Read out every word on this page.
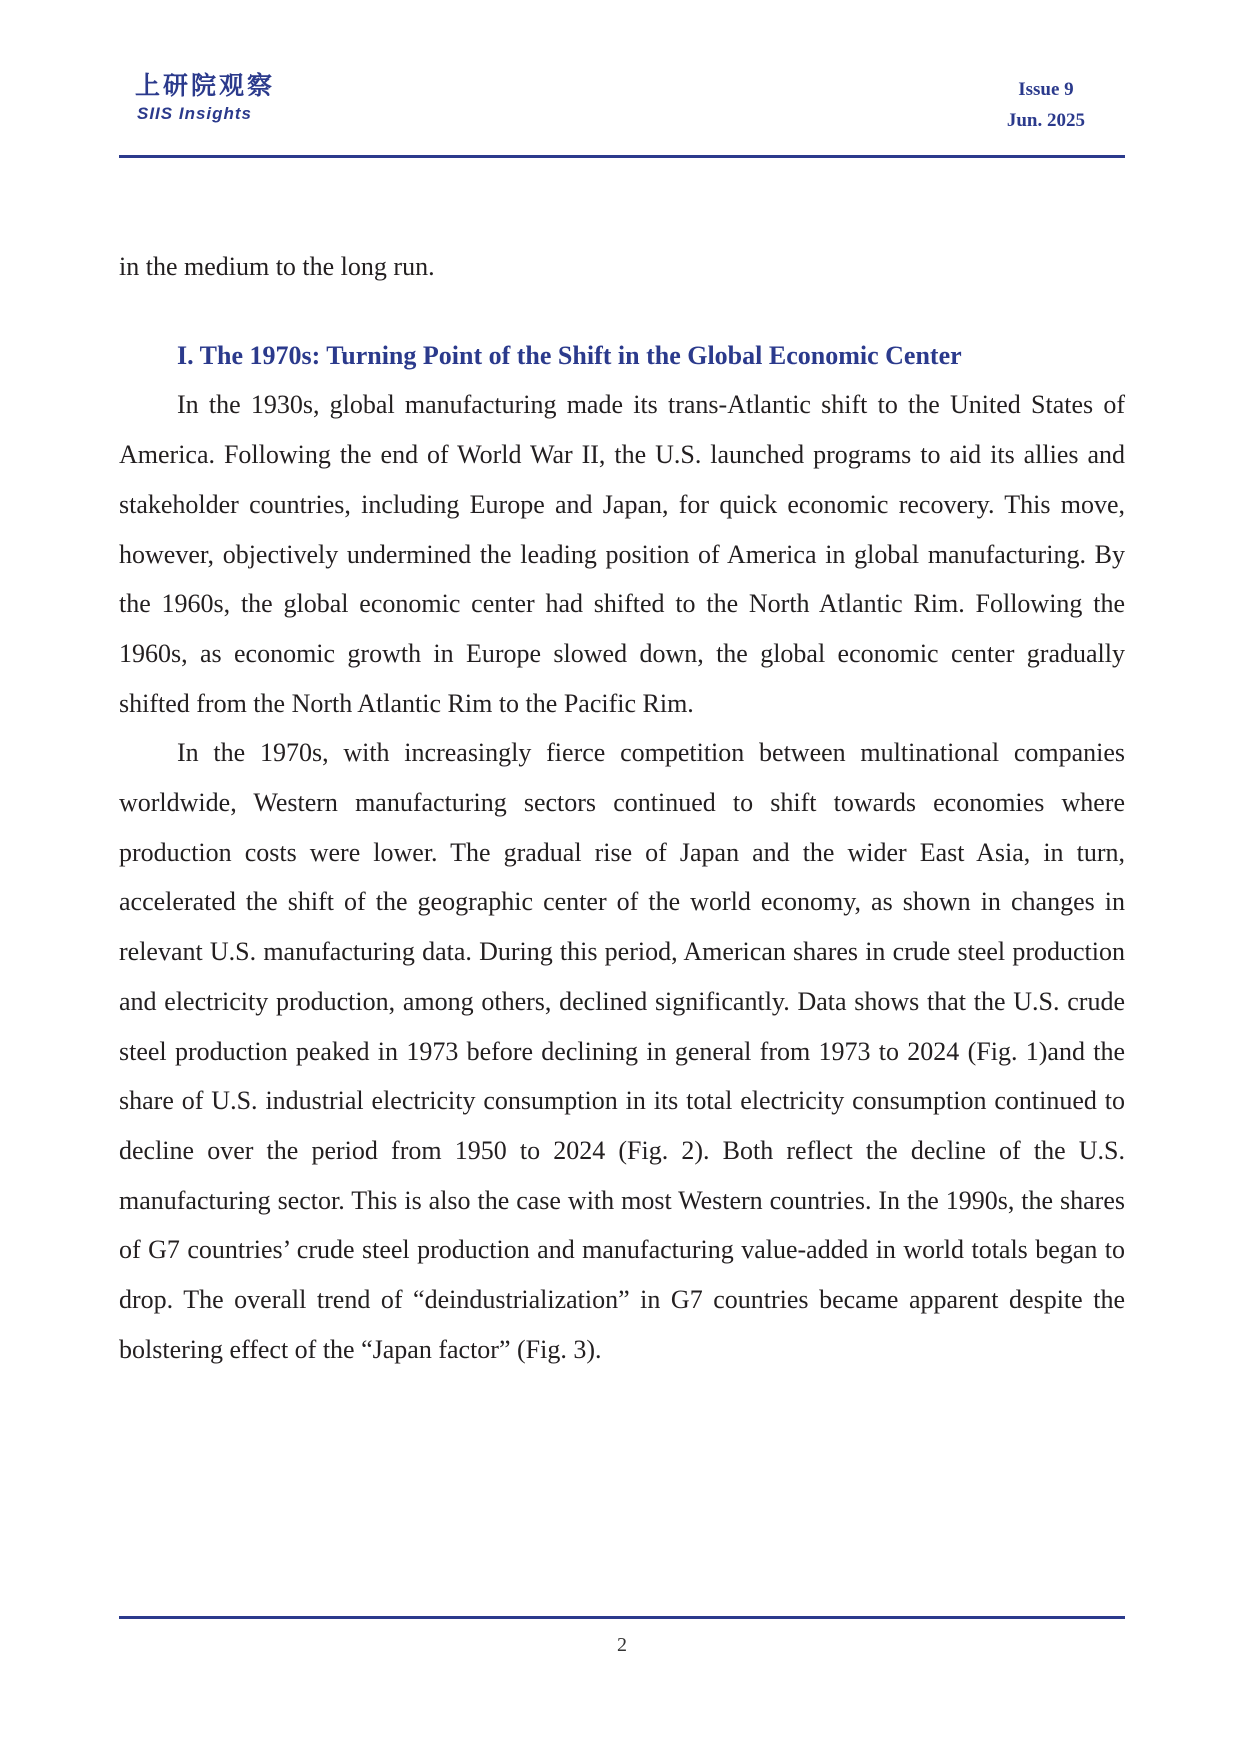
上研院观察
SIIS Insights
Issue 9
Jun. 2025

in the medium to the long run.

I. The 1970s: Turning Point of the Shift in the Global Economic Center

In the 1930s, global manufacturing made its trans-Atlantic shift to the United States of America. Following the end of World War II, the U.S. launched programs to aid its allies and stakeholder countries, including Europe and Japan, for quick economic recovery. This move, however, objectively undermined the leading position of America in global manufacturing. By the 1960s, the global economic center had shifted to the North Atlantic Rim. Following the 1960s, as economic growth in Europe slowed down, the global economic center gradually shifted from the North Atlantic Rim to the Pacific Rim.

In the 1970s, with increasingly fierce competition between multinational companies worldwide, Western manufacturing sectors continued to shift towards economies where production costs were lower. The gradual rise of Japan and the wider East Asia, in turn, accelerated the shift of the geographic center of the world economy, as shown in changes in relevant U.S. manufacturing data. During this period, American shares in crude steel production and electricity production, among others, declined significantly. Data shows that the U.S. crude steel production peaked in 1973 before declining in general from 1973 to 2024 (Fig. 1)and the share of U.S. industrial electricity consumption in its total electricity consumption continued to decline over the period from 1950 to 2024 (Fig. 2). Both reflect the decline of the U.S. manufacturing sector. This is also the case with most Western countries. In the 1990s, the shares of G7 countries’ crude steel production and manufacturing value-added in world totals began to drop. The overall trend of “deindustrialization” in G7 countries became apparent despite the bolstering effect of the “Japan factor” (Fig. 3).

2
